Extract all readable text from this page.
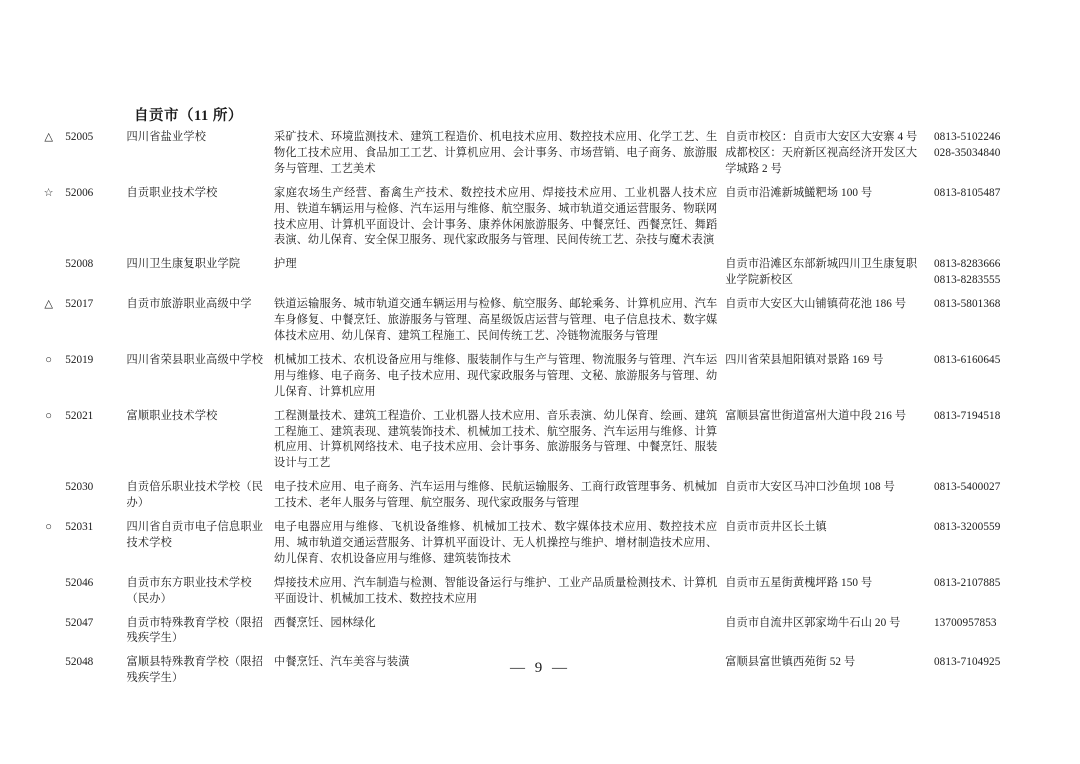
自贡市（11 所）
△	52005	四川省盐业学校	采矿技术、环境监测技术、建筑工程造价、机电技术应用、数控技术应用、化学工艺、生物化工技术应用、食品加工工艺、计算机应用、会计事务、市场营销、电子商务、旅游服务与管理、工艺美术	自贡市校区：自贡市大安区大安寨 4 号
成都校区：天府新区视高经济开发区大学城路 2 号	0813-5102246
028-35034840

☆	52006	自贡职业技术学校	家庭农场生产经营、畜禽生产技术、数控技术应用、焊接技术应用、工业机器人技术应用、铁道车辆运用与检修、汽车运用与维修、航空服务、城市轨道交通运营服务、物联网技术应用、计算机平面设计、会计事务、康养休闲旅游服务、中餐烹饪、西餐烹饪、舞蹈表演、幼儿保育、安全保卫服务、现代家政服务与管理、民间传统工艺、杂技与魔术表演	自贡市沿滩新城鱃粑场 100 号	0813-8105487

	52008	四川卫生康复职业学院	护理	自贡市沿滩区东部新城四川卫生康复职业学院新校区	0813-8283666
0813-8283555

△	52017	自贡市旅游职业高级中学	铁道运输服务、城市轨道交通车辆运用与检修、航空服务、邮轮乘务、计算机应用、汽车车身修复、中餐烹饪、旅游服务与管理、高星级饭店运营与管理、电子信息技术、数字媒体技术应用、幼儿保育、建筑工程施工、民间传统工艺、冷链物流服务与管理	自贡市大安区大山铺镇荷花池 186 号	0813-5801368

○	52019	四川省荣县职业高级中学校	机械加工技术、农机设备应用与维修、服装制作与生产与管理、物流服务与管理、汽车运用与维修、电子商务、电子技术应用、现代家政服务与管理、文秘、旅游服务与管理、幼儿保育、计算机应用	四川省荣县旭阳镇对景路 169 号	0813-6160645

○	52021	富顺职业技术学校	工程测量技术、建筑工程造价、工业机器人技术应用、音乐表演、幼儿保育、绘画、建筑工程施工、建筑表现、建筑装饰技术、机械加工技术、航空服务、汽车运用与维修、计算机应用、计算机网络技术、电子技术应用、会计事务、旅游服务与管理、中餐烹饪、服装设计与工艺	富顺县富世街道富州大道中段 216 号	0813-7194518

	52030	自贡倍乐职业技术学校（民办）	电子技术应用、电子商务、汽车运用与维修、民航运输服务、工商行政管理事务、机械加工技术、老年人服务与管理、航空服务、现代家政服务与管理	自贡市大安区马冲口沙鱼坝 108 号	0813-5400027

○	52031	四川省自贡市电子信息职业技术学校	电子电器应用与维修、飞机设备维修、机械加工技术、数字媒体技术应用、数控技术应用、城市轨道交通运营服务、计算机平面设计、无人机操控与维护、增材制造技术应用、幼儿保育、农机设备应用与维修、建筑装饰技术	自贡市贡井区长土镇	0813-3200559

	52046	自贡市东方职业技术学校（民办）	焊接技术应用、汽车制造与检测、智能设备运行与维护、工业产品质量检测技术、计算机平面设计、机械加工技术、数控技术应用	自贡市五星街黄槐坪路 150 号	0813-2107885

	52047	自贡市特殊教育学校（限招残疾学生）	西餐烹饪、园林绿化	自贡市自流井区郭家坳牛石山 20 号	13700957853

	52048	富顺县特殊教育学校（限招残疾学生）	中餐烹饪、汽车美容与装潢	富顺县富世镇西苑街 52 号	0813-7104925
— 9 —
